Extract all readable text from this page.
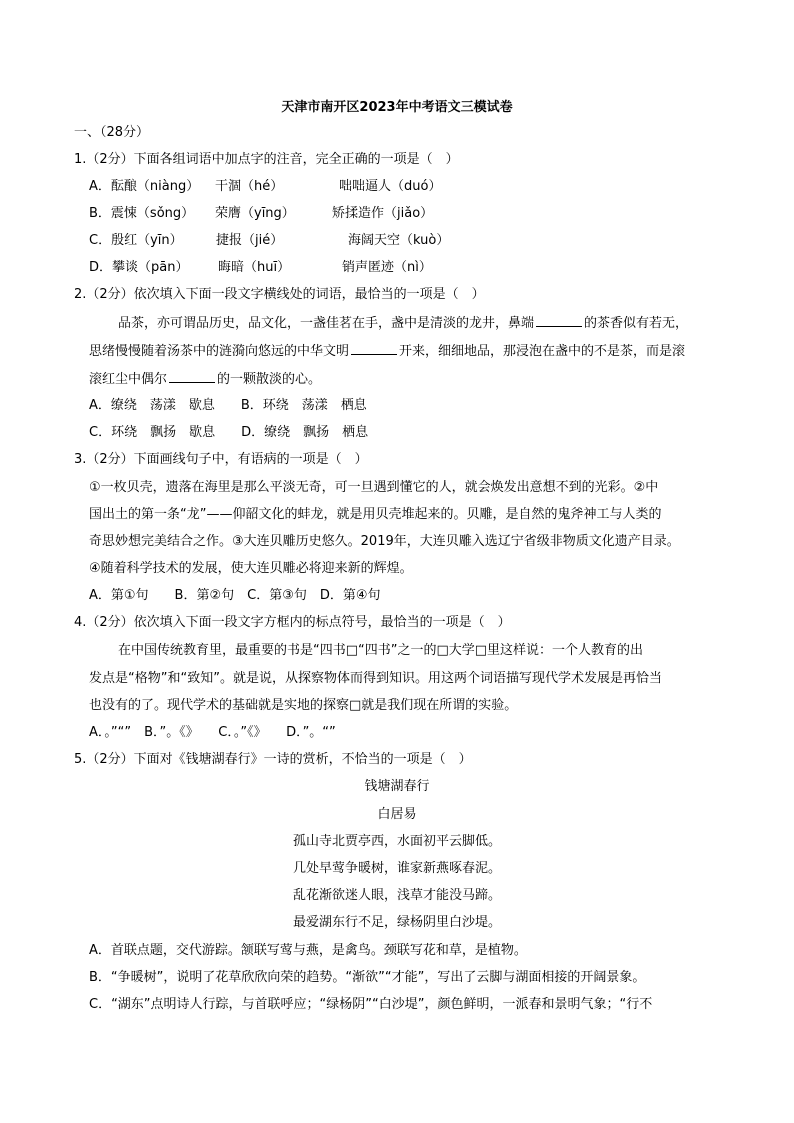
天津市南开区2023年中考语文三模试卷
一、（28分）
1.（2分）下面各组词语中加点字的注音，完全正确的一项是（　）
A．酝酿（niàng） 干涸（hé）	咄咄逼人（duó）
B．震悚（sǒng） 荣膺（yīng）	矫揉造作（jiǎo）
C．殷红（yīn）	捷报（jié）	海阔天空（kuò）
D．攀谈（pān） 晦暗（huī）	销声匿迹（nì）
2.（2分）依次填入下面一段文字横线处的词语，最恰当的一项是（　）
品茶，亦可谓品历史，品文化，一盏佳茗在手，盏中是清淡的龙井，鼻端	的茶香似有若无，
思绪慢慢随着汤茶中的涟漪向悠远的中华文明	开来，细细地品，那浸泡在盏中的不是茶，而是滚
滚红尘中偶尔	的一颗散淡的心。
A．缭绕　荡漾　歇息　　B．环绕　荡漾　栖息
C．环绕　飘扬　歇息　　D．缭绕　飘扬　栖息
3.（2分）下面画线句子中，有语病的一项是（　）
①一枚贝壳，遗落在海里是那么平淡无奇，可一旦遇到懂它的人，就会焕发出意想不到的光彩。②中
国出土的第一条“龙”——仰韶文化的蚌龙，就是用贝壳堆起来的。贝雕，是自然的鬼斧神工与人类的
奇思妙想完美结合之作。③大连贝雕历史悠久。2019年，大连贝雕入选辽宁省级非物质文化遗产目录。
④随着科学技术的发展，使大连贝雕必将迎来新的辉煌。
A．第①句　　B．第②句　C．第③句　D．第④句
4.（2分）依次填入下面一段文字方框内的标点符号，最恰当的一项是（　）
在中国传统教育里，最重要的书是“四书□“四书”之一的□大学□里这样说：一个人教育的出
发点是“格物”和“致知”。就是说，从探察物体而得到知识。用这两个词语描写现代学术发展是再恰当
也没有的了。现代学术的基础就是实地的探察□就是我们现在所谓的实验。
A．。”“”　B．”。《》　　C．。”《》　　D．”。“”
5.（2分）下面对《钱塘湖春行》一诗的赏析，不恰当的一项是（　）
钱塘湖春行
白居易
孤山寺北贾亭西，水面初平云脚低。
几处早莺争暖树，谁家新燕啄春泥。
乱花渐欲迷人眼，浅草才能没马蹄。
最爱湖东行不足，绿杨阴里白沙堤。
A．首联点题，交代游踪。颔联写莺与燕，是禽鸟。颈联写花和草，是植物。
B．“争暖树”，说明了花草欣欣向荣的趋势。“渐欲”“才能”，写出了云脚与湖面相接的开阔景象。
C．“湖东”点明诗人行踪，与首联呼应；“绿杨阴”“白沙堤”，颜色鲜明，一派春和景明气象；“行不
